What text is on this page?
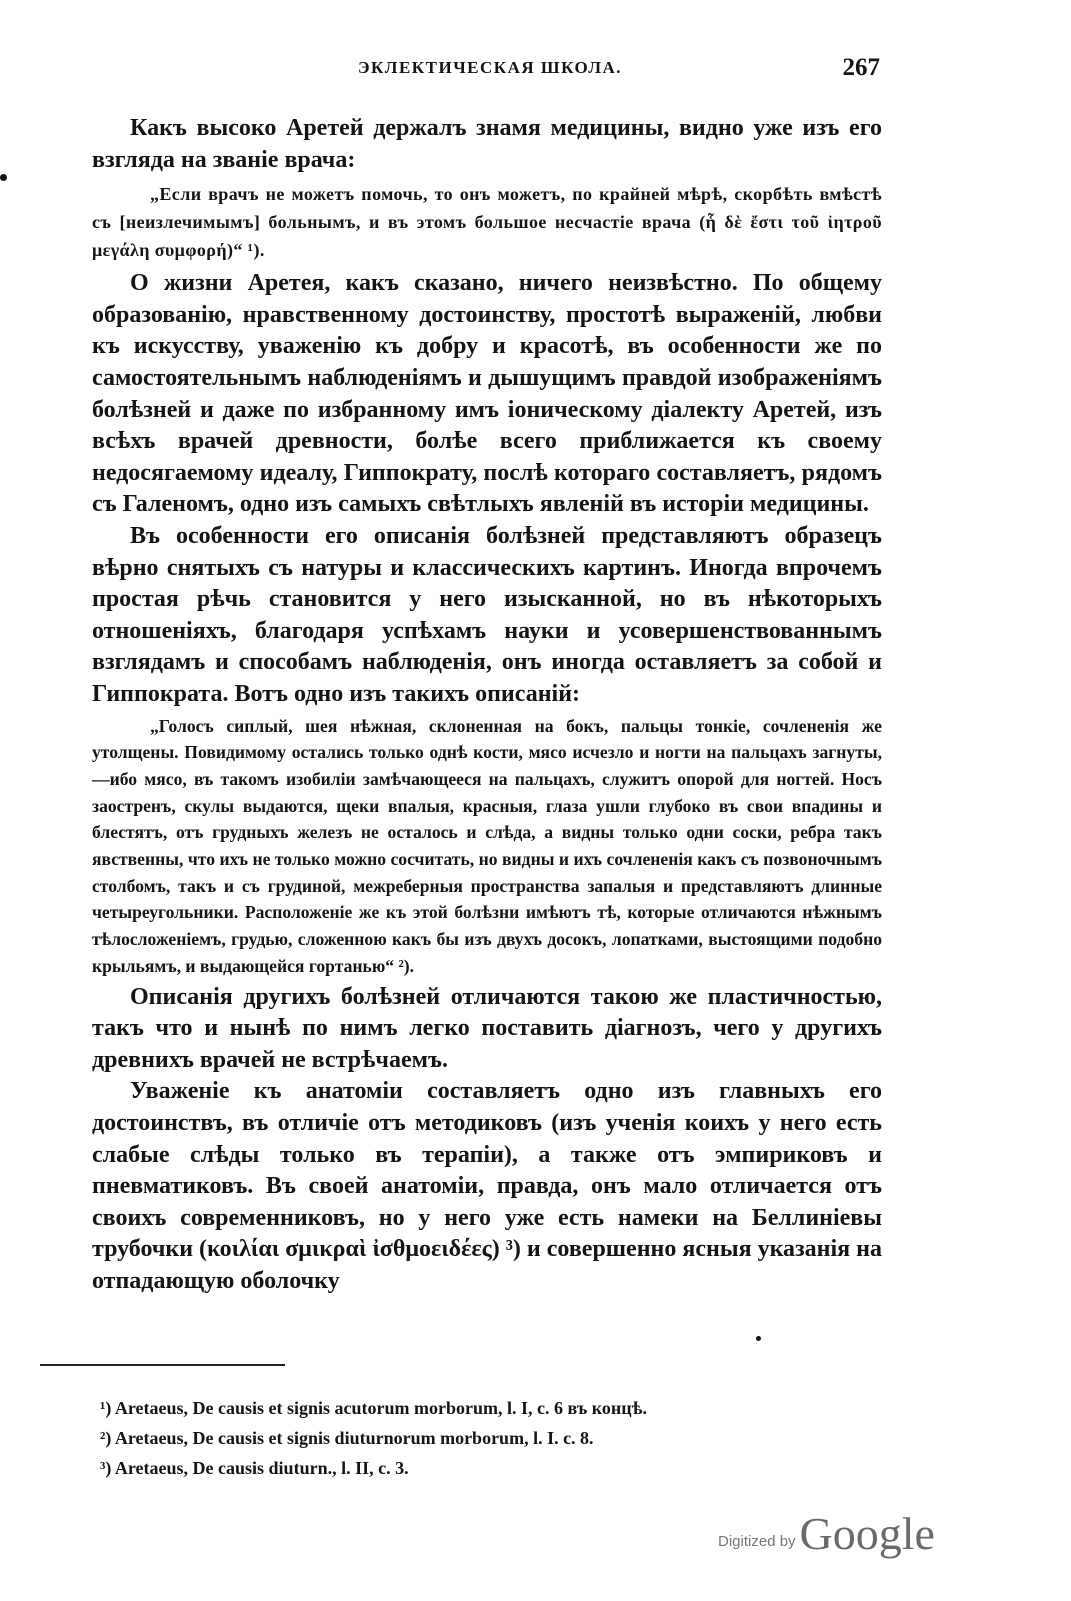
ЭКЛЕКТИЧЕСКАЯ ШКОЛА.	267

Какъ высоко Аретей держалъ знамя медицины, видно уже изъ его взгляда на званіе врача:

„Если врачъ не можетъ помочь, то онъ можетъ, по крайней мѣрѣ, скорбѣть вмѣстѣ съ [неизлечимымъ] больнымъ, и въ этомъ большое несчастіе врача (ἧ δὲ ἔστι τοῦ ἰητροῦ μεγάλη συμφορή)“ ¹).

О жизни Аретея, какъ сказано, ничего неизвѣстно. По общему образованію, нравственному достоинству, простотѣ выраженій, любви къ искусству, уваженію къ добру и красотѣ, въ особенности же по самостоятельнымъ наблюденіямъ и дышущимъ правдой изображеніямъ болѣзней и даже по избранному имъ іоническому діалекту Аретей, изъ всѣхъ врачей древности, болѣе всего приближается къ своему недосягаемому идеалу, Гиппократу, послѣ котораго составляетъ, рядомъ съ Галеномъ, одно изъ самыхъ свѣтлыхъ явленій въ исторіи медицины.

Въ особенности его описанія болѣзней представляютъ образецъ вѣрно снятыхъ съ натуры и классическихъ картинъ. Иногда впрочемъ простая рѣчь становится у него изысканной, но въ нѣкоторыхъ отношеніяхъ, благодаря успѣхамъ науки и усовершенствованнымъ взглядамъ и способамъ наблюденія, онъ иногда оставляетъ за собой и Гиппократа. Вотъ одно изъ такихъ описаній:

„Голосъ сиплый, шея нѣжная, склоненная на бокъ, пальцы тонкіе, сочлененія же утолщены. Повидимому остались только однѣ кости, мясо исчезло и ногти на пальцахъ загнуты,—ибо мясо, въ такомъ изобиліи замѣчающееся на пальцахъ, служитъ опорой для ногтей. Носъ заостренъ, скулы выдаются, щеки впалыя, красныя, глаза ушли глубоко въ свои впадины и блестятъ, отъ грудныхъ железъ не осталось и слѣда, а видны только одни соски, ребра такъ явственны, что ихъ не только можно сосчитать, но видны и ихъ сочлененія какъ съ позвоночнымъ столбомъ, такъ и съ грудиной, межреберныя пространства запалыя и представляютъ длинные четыреугольники. Расположеніе же къ этой болѣзни имѣютъ тѣ, которые отличаются нѣжнымъ тѣлосложеніемъ, грудью, сложенною какъ бы изъ двухъ досокъ, лопатками, выстоящими подобно крыльямъ, и выдающейся гортанью“ ²).

Описанія другихъ болѣзней отличаются такою же пластичностью, такъ что и нынѣ по нимъ легко поставить діагнозъ, чего у другихъ древнихъ врачей не встрѣчаемъ.

Уваженіе къ анатоміи составляетъ одно изъ главныхъ его достоинствъ, въ отличіе отъ методиковъ (изъ ученія коихъ у него есть слабые слѣды только въ терапіи), а также отъ эмпириковъ и пневматиковъ. Въ своей анатоміи, правда, онъ мало отличается отъ своихъ современниковъ, но у него уже есть намеки на Беллиніевы трубочки (κοιλίαι σμικραὶ ἰσθμοειδέες) ³) и совершенно ясныя указанія на отпадающую оболочку

¹) Aretaeus, De causis et signis acutorum morborum, l. I, c. 6 въ концѣ.

²) Aretaeus, De causis et signis diuturnorum morborum, l. I. c. 8.

³) Aretaeus, De causis diuturn., l. II, c. 3.

Digitized by Google
